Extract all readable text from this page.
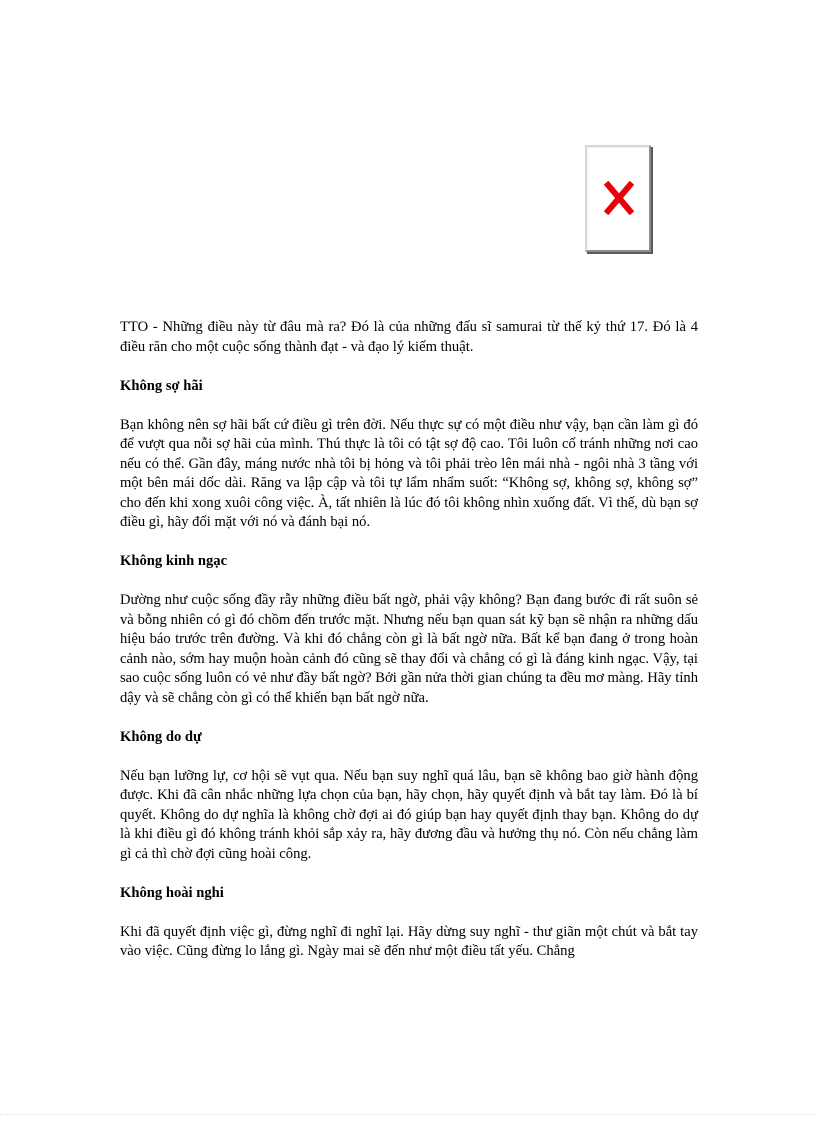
TTO - Những điều này từ đâu mà ra? Đó là của những đấu sĩ samurai từ thế kỷ thứ 17. Đó là 4 điều răn cho một cuộc sống thành đạt - và đạo lý kiếm thuật.

Không sợ hãi

Bạn không nên sợ hãi bất cứ điều gì trên đời. Nếu thực sự có một điều như vậy, bạn cần làm gì đó để vượt qua nỗi sợ hãi của mình. Thú thực là tôi có tật sợ độ cao. Tôi luôn cố tránh những nơi cao nếu có thể. Gần đây, máng nước nhà tôi bị hỏng và tôi phải trèo lên mái nhà - ngôi nhà 3 tầng với một bên mái dốc dài. Răng va lập cập và tôi tự lẩm nhẩm suốt: “Không sợ, không sợ, không sợ” cho đến khi xong xuôi công việc. À, tất nhiên là lúc đó tôi không nhìn xuống đất. Vì thế, dù bạn sợ điều gì, hãy đối mặt với nó và đánh bại nó.

Không kinh ngạc

Dường như cuộc sống đầy rẫy những điều bất ngờ, phải vậy không? Bạn đang bước đi rất suôn sẻ và bỗng nhiên có gì đó chồm đến trước mặt. Nhưng nếu bạn quan sát kỹ bạn sẽ nhận ra những dấu hiệu báo trước trên đường. Và khi đó chẳng còn gì là bất ngờ nữa. Bất kể bạn đang ở trong hoàn cảnh nào, sớm hay muộn hoàn cảnh đó cũng sẽ thay đổi và chẳng có gì là đáng kinh ngạc. Vậy, tại sao cuộc sống luôn có vẻ như đầy bất ngờ? Bởi gần nửa thời gian chúng ta đều mơ màng. Hãy tỉnh dậy và sẽ chẳng còn gì có thể khiến bạn bất ngờ nữa.

Không do dự

Nếu bạn lưỡng lự, cơ hội sẽ vụt qua. Nếu bạn suy nghĩ quá lâu, bạn sẽ không bao giờ hành động được. Khi đã cân nhắc những lựa chọn của bạn, hãy chọn, hãy quyết định và bắt tay làm. Đó là bí quyết. Không do dự nghĩa là không chờ đợi ai đó giúp bạn hay quyết định thay bạn. Không do dự là khi điều gì đó không tránh khỏi sắp xảy ra, hãy đương đầu và hưởng thụ nó. Còn nếu chẳng làm gì cả thì chờ đợi cũng hoài công.

Không hoài nghi

Khi đã quyết định việc gì, đừng nghĩ đi nghĩ lại. Hãy dừng suy nghĩ - thư giãn một chút và bắt tay vào việc. Cũng đừng lo lắng gì. Ngày mai sẽ đến như một điều tất yếu. Chẳng
